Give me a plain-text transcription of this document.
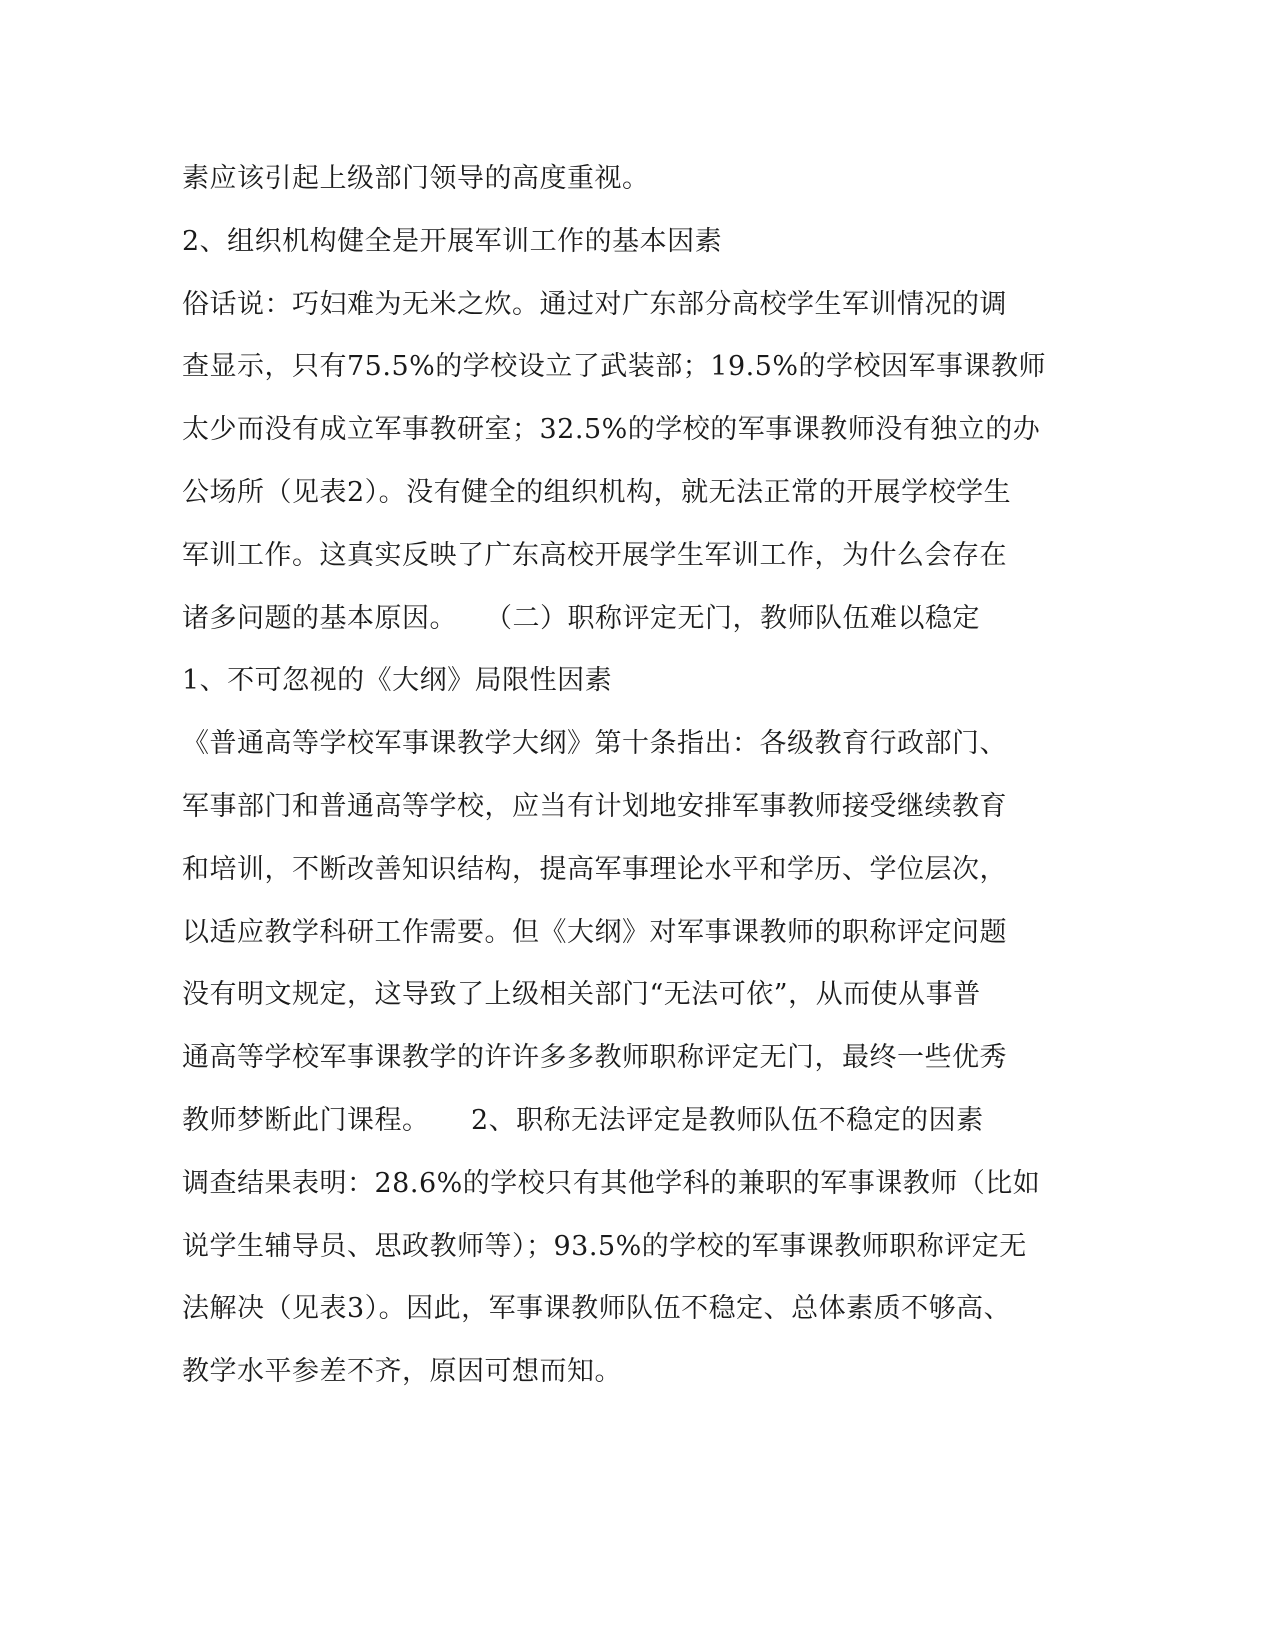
素应该引起上级部门领导的高度重视。
2、组织机构健全是开展军训工作的基本因素
俗话说：巧妇难为无米之炊。通过对广东部分高校学生军训情况的调
查显示，只有75.5%的学校设立了武装部；19.5%的学校因军事课教师
太少而没有成立军事教研室；32.5%的学校的军事课教师没有独立的办
公场所（见表2）。没有健全的组织机构，就无法正常的开展学校学生
军训工作。这真实反映了广东高校开展学生军训工作，为什么会存在
诸多问题的基本原因。　　（二）职称评定无门，教师队伍难以稳定
1、不可忽视的《大纲》局限性因素
《普通高等学校军事课教学大纲》第十条指出：各级教育行政部门、
军事部门和普通高等学校，应当有计划地安排军事教师接受继续教育
和培训，不断改善知识结构，提高军事理论水平和学历、学位层次，
以适应教学科研工作需要。但《大纲》对军事课教师的职称评定问题
没有明文规定，这导致了上级相关部门“无法可依”，从而使从事普
通高等学校军事课教学的许许多多教师职称评定无门，最终一些优秀
教师梦断此门课程。　　2、职称无法评定是教师队伍不稳定的因素
调查结果表明：28.6%的学校只有其他学科的兼职的军事课教师（比如
说学生辅导员、思政教师等）；93.5%的学校的军事课教师职称评定无
法解决（见表3）。因此，军事课教师队伍不稳定、总体素质不够高、
教学水平参差不齐，原因可想而知。
